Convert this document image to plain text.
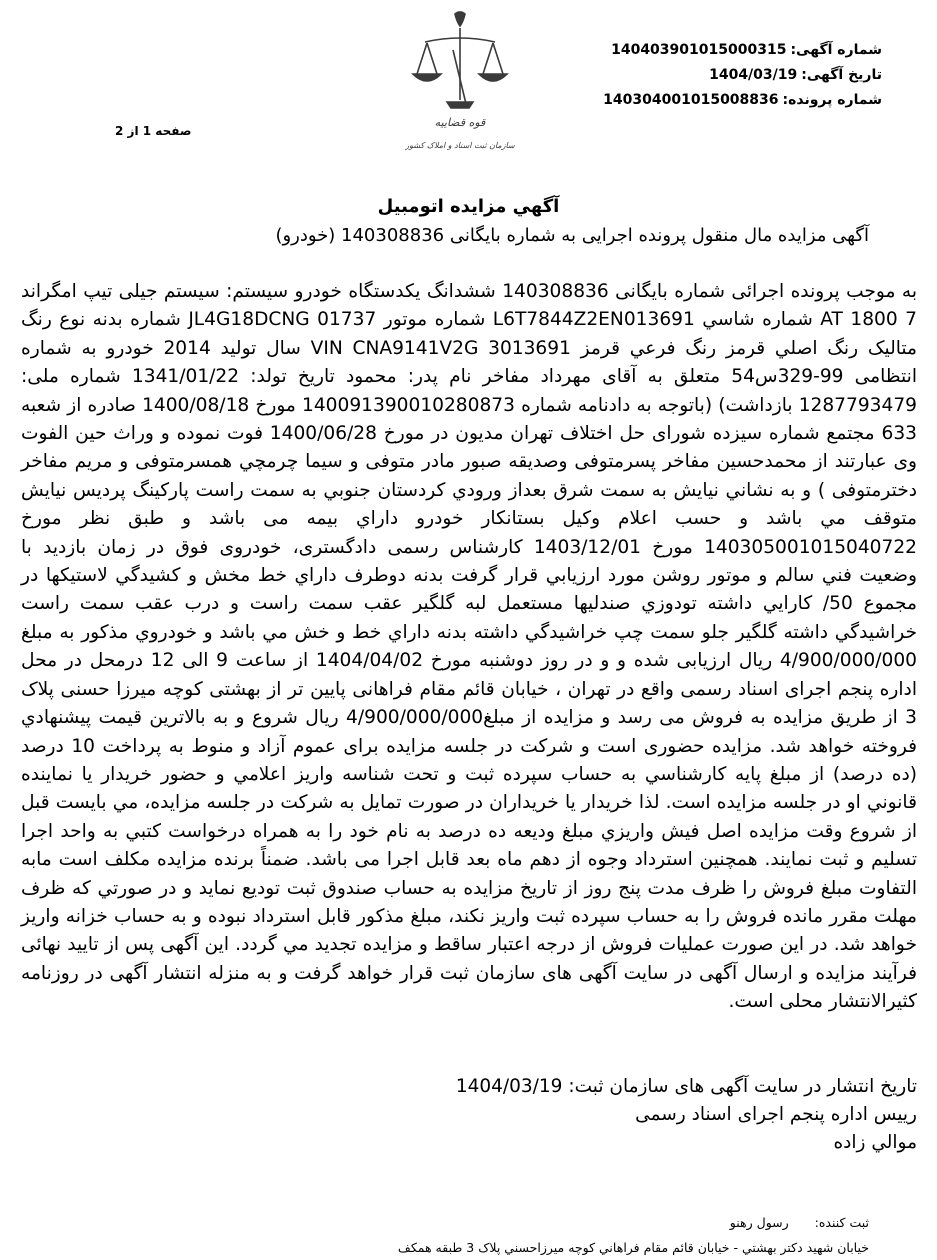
شماره آگهی:140403901015000315
تاریخ آگهی:1404/03/19
شماره پرونده:140304001015008836
صفحه 1 از 2
قوه قضاییه
سازمان ثبت اسناد و املاک کشور
آگهي مزايده اتومبيل
آگهی مزایده مال منقول پرونده اجرایی به شماره بایگانی 140308836 (خودرو)
به موجب پرونده اجرائی شماره بایگانی 140308836 ششدانگ یکدستگاه خودرو سیستم: سیستم جیلی تیپ امگراند 7 AT 1800 شماره شاسي L6T7844Z2EN013691 شماره موتور JL4G18DCNG 01737 شماره بدنه نوع رنگ متاليک رنگ اصلي قرمز رنگ فرعي قرمز VIN CNA9141V2G 3013691 سال تولید 2014 خودرو به شماره انتظامی 99-329س54 متعلق به آقای مهرداد مفاخر نام پدر: محمود تاریخ تولد: 1341/01/22 شماره ملی: 1287793479 بازداشت) (باتوجه به دادنامه شماره 140091390010280873 مورخ 1400/08/18 صادره از شعبه 633 مجتمع شماره سیزده شورای حل اختلاف تهران مدیون در مورخ 1400/06/28 فوت نموده و وراث حین الفوت وی عبارتند از محمدحسین مفاخر پسرمتوفی وصدیقه صبور مادر متوفی و سیما چرمچي همسرمتوفی و مریم مفاخر دخترمتوفی ) و به نشاني نیایش به سمت شرق بعداز ورودي کردستان جنوبي به سمت راست پارکینگ پردیس نیایش متوقف مي باشد و حسب اعلام وکیل بستانکار خودرو داراي بیمه می باشد و طبق نظر مورخ 140305001015040722 مورخ 1403/12/01 کارشناس رسمی دادگستری، خودروی فوق در زمان بازدید با وضعیت فني سالم و موتور روشن مورد ارزیابي قرار گرفت بدنه دوطرف داراي خط مخش و کشیدگي لاستیکها در مجموع 50/ کارایي داشته تودوزي صندلیها مستعمل لبه گلگیر عقب سمت راست و درب عقب سمت راست خراشیدگي داشته گلگیر جلو سمت چپ خراشیدگي داشته بدنه داراي خط و خش مي باشد و خودروي مذکور به مبلغ 4/900/000/000 ریال ارزیابی شده و و در روز دوشنبه مورخ 1404/04/02 از ساعت 9 الی 12 درمحل در محل اداره پنجم اجرای اسناد رسمی واقع در تهران ، خیابان قائم مقام فراهانی پایین تر از بهشتی کوچه میرزا حسنی پلاک 3 از طریق مزایده به فروش می رسد و مزایده از مبلغ4/900/000/000 ریال شروع و به بالاترین قیمت پیشنهادي فروخته خواهد شد. مزایده حضوری است و شرکت در جلسه مزایده برای عموم آزاد و منوط به پرداخت 10 درصد (ده درصد) از مبلغ پایه کارشناسي به حساب سپرده ثبت و تحت شناسه واریز اعلامي و حضور خریدار یا نماینده قانوني او در جلسه مزایده است. لذا خریدار یا خریداران در صورت تمایل به شرکت در جلسه مزایده، مي بایست قبل از شروع وقت مزایده اصل فیش واریزي مبلغ ودیعه ده درصد به نام خود را به همراه درخواست کتبي به واحد اجرا تسلیم و ثبت نمایند. همچنین استرداد وجوه از دهم ماه بعد قابل اجرا می باشد. ضمناً برنده مزایده مکلف است مابه التفاوت مبلغ فروش را ظرف مدت پنج روز از تاریخ مزایده به حساب صندوق ثبت تودیع نماید و در صورتي که ظرف مهلت مقرر مانده فروش را به حساب سپرده ثبت واریز نکند، مبلغ مذکور قابل استرداد نبوده و به حساب خزانه واریز خواهد شد. در این صورت عملیات فروش از درجه اعتبار ساقط و مزایده تجدید مي گردد. این آگهی پس از تایید نهائی فرآیند مزایده و ارسال آگهی در سایت آگهی های سازمان ثبت قرار خواهد گرفت و به منزله انتشار آگهی در روزنامه کثیرالانتشار محلی است.
تاریخ انتشار در سایت آگهی های سازمان ثبت: 1404/03/19
رییس اداره پنجم اجرای اسناد رسمی
موالي زاده
ثبت کننده: رسول رهنو
خیابان شهید دکتر بهشتي - خیابان قائم مقام فراهاني کوچه میرزاحسني پلاک 3 طبقه همکف
